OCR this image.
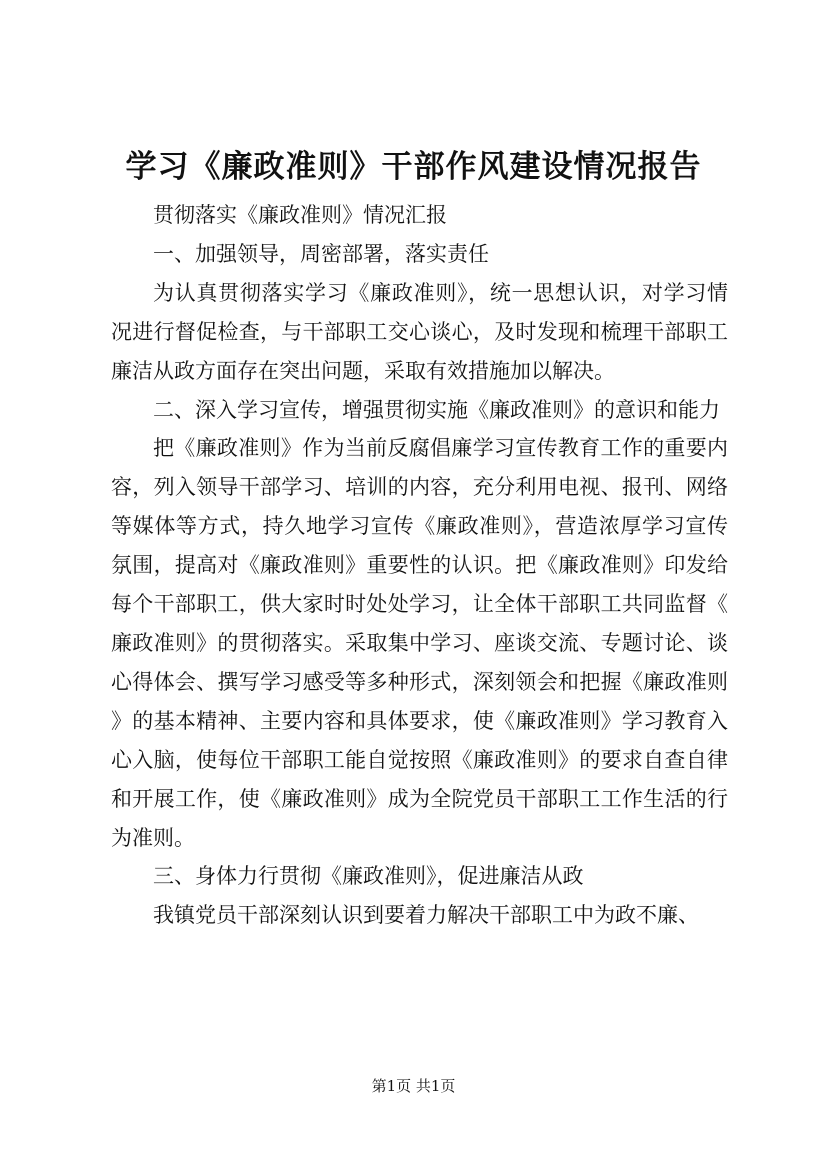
学习《廉政准则》干部作风建设情况报告

贯彻落实《廉政准则》情况汇报

一、加强领导，周密部署，落实责任

为认真贯彻落实学习《廉政准则》，统一思想认识，对学习情况进行督促检查，与干部职工交心谈心，及时发现和梳理干部职工廉洁从政方面存在突出问题，采取有效措施加以解决。

二、深入学习宣传，增强贯彻实施《廉政准则》的意识和能力

把《廉政准则》作为当前反腐倡廉学习宣传教育工作的重要内容，列入领导干部学习、培训的内容，充分利用电视、报刊、网络等媒体等方式，持久地学习宣传《廉政准则》，营造浓厚学习宣传氛围，提高对《廉政准则》重要性的认识。把《廉政准则》印发给每个干部职工，供大家时时处处学习，让全体干部职工共同监督《廉政准则》的贯彻落实。采取集中学习、座谈交流、专题讨论、谈心得体会、撰写学习感受等多种形式，深刻领会和把握《廉政准则》的基本精神、主要内容和具体要求，使《廉政准则》学习教育入心入脑，使每位干部职工能自觉按照《廉政准则》的要求自查自律和开展工作，使《廉政准则》成为全院党员干部职工工作生活的行为准则。

三、身体力行贯彻《廉政准则》，促进廉洁从政

我镇党员干部深刻认识到要着力解决干部职工中为政不廉、

第1页 共1页
